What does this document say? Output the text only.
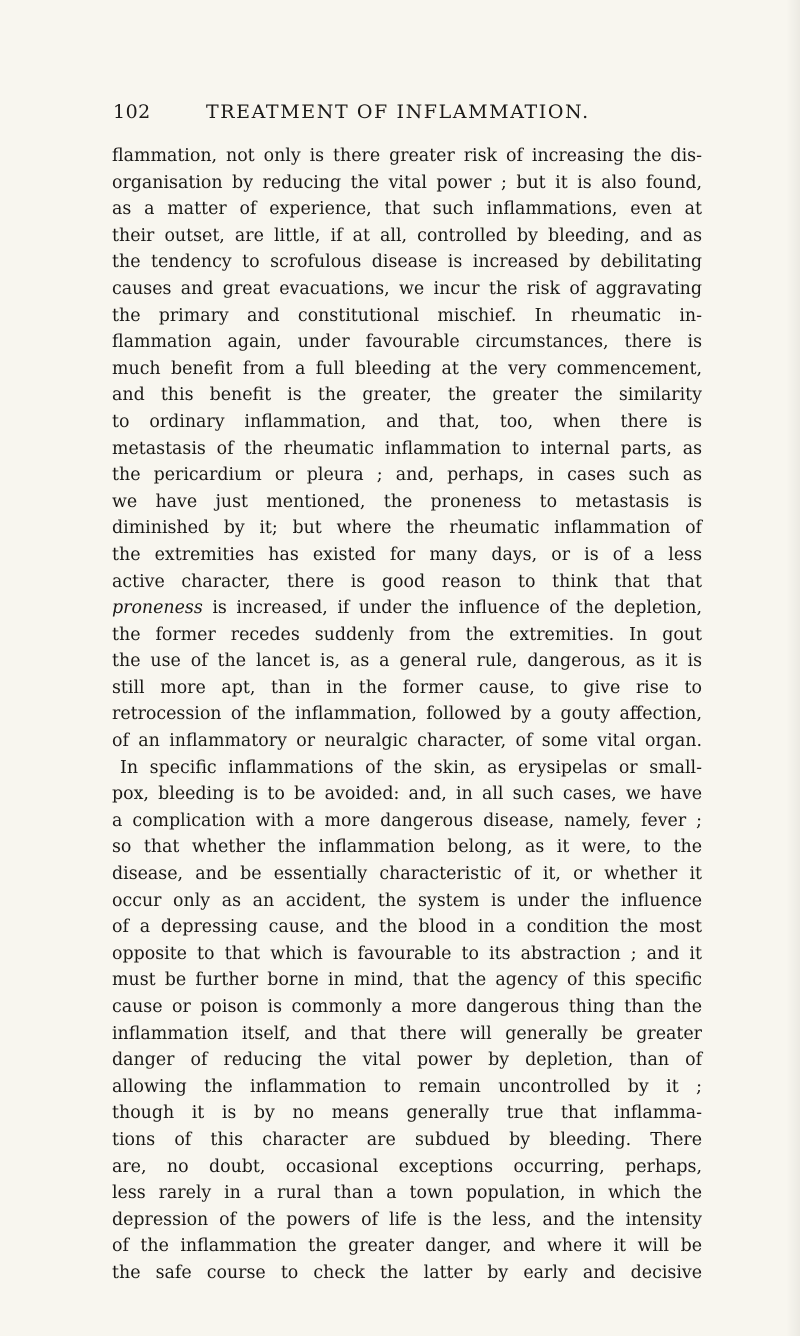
102	TREATMENT OF INFLAMMATION.
flammation, not only is there greater risk of increasing the dis-
organisation by reducing the vital power ; but it is also found,
as a matter of experience, that such inflammations, even at
their outset, are little, if at all, controlled by bleeding, and as
the tendency to scrofulous disease is increased by debilitating
causes and great evacuations, we incur the risk of aggravating
the primary and constitutional mischief. In rheumatic in-
flammation again, under favourable circumstances, there is
much benefit from a full bleeding at the very commencement,
and this benefit is the greater, the greater the similarity
to ordinary inflammation, and that, too, when there is
metastasis of the rheumatic inflammation to internal parts, as
the pericardium or pleura ; and, perhaps, in cases such as
we have just mentioned, the proneness to metastasis is
diminished by it; but where the rheumatic inflammation of
the extremities has existed for many days, or is of a less
active character, there is good reason to think that that
proneness is increased, if under the influence of the depletion,
the former recedes suddenly from the extremities. In gout
the use of the lancet is, as a general rule, dangerous, as it is
still more apt, than in the former cause, to give rise to
retrocession of the inflammation, followed by a gouty affection,
of an inflammatory or neuralgic character, of some vital organ.
In specific inflammations of the skin, as erysipelas or small-
pox, bleeding is to be avoided: and, in all such cases, we have
a complication with a more dangerous disease, namely, fever ;
so that whether the inflammation belong, as it were, to the
disease, and be essentially characteristic of it, or whether it
occur only as an accident, the system is under the influence
of a depressing cause, and the blood in a condition the most
opposite to that which is favourable to its abstraction ; and it
must be further borne in mind, that the agency of this specific
cause or poison is commonly a more dangerous thing than the
inflammation itself, and that there will generally be greater
danger of reducing the vital power by depletion, than of
allowing the inflammation to remain uncontrolled by it ;
though it is by no means generally true that inflamma-
tions of this character are subdued by bleeding. There
are, no doubt, occasional exceptions occurring, perhaps,
less rarely in a rural than a town population, in which the
depression of the powers of life is the less, and the intensity
of the inflammation the greater danger, and where it will be
the safe course to check the latter by early and decisive
